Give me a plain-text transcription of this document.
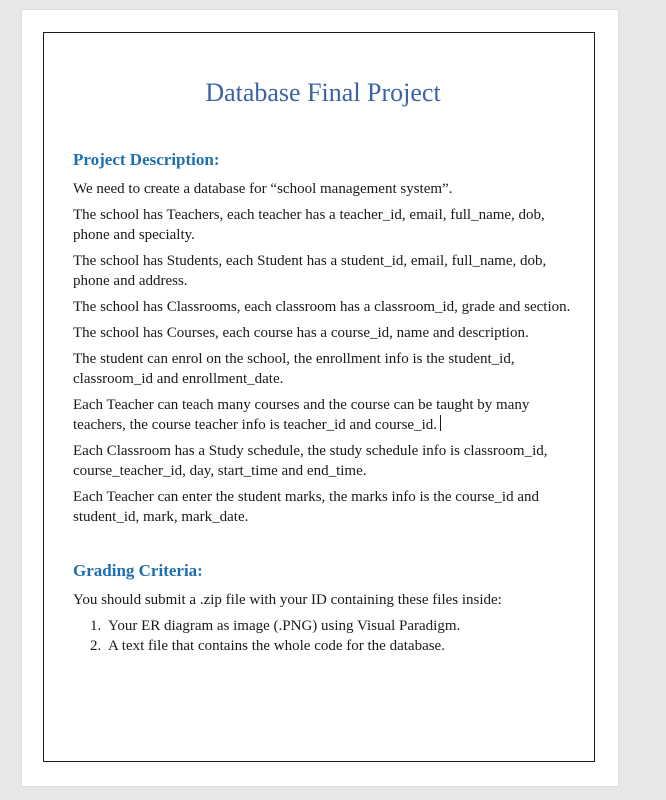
Database Final Project
Project Description:

We need to create a database for “school management system”.

The school has Teachers, each teacher has a teacher_id, email, full_name, dob, phone and specialty.

The school has Students, each Student has a student_id, email, full_name, dob, phone and address.

The school has Classrooms, each classroom has a classroom_id, grade and section.

The school has Courses, each course has a course_id, name and description.

The student can enrol on the school, the enrollment info is the student_id, classroom_id and enrollment_date.

Each Teacher can teach many courses and the course can be taught by many teachers, the course teacher info is teacher_id and course_id.

Each Classroom has a Study schedule, the study schedule info is classroom_id, course_teacher_id, day, start_time and end_time.

Each Teacher can enter the student marks, the marks info is the course_id and student_id, mark, mark_date.

Grading Criteria:

You should submit a .zip file with your ID containing these files inside:

1. Your ER diagram as image (.PNG) using Visual Paradigm.
2. A text file that contains the whole code for the database.
